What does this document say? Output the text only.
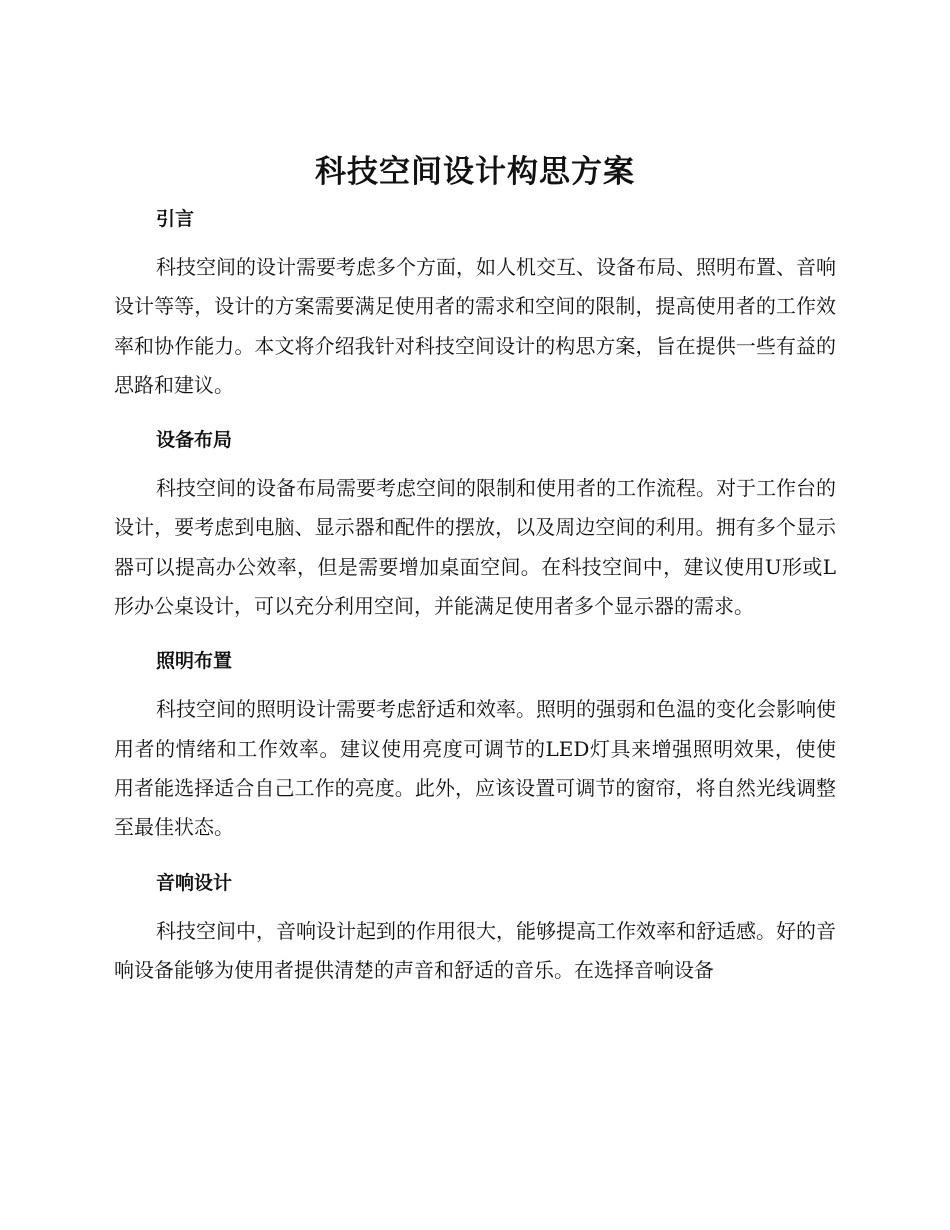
科技空间设计构思方案
引言

科技空间的设计需要考虑多个方面，如人机交互、设备布局、照明布置、音响设计等等，设计的方案需要满足使用者的需求和空间的限制，提高使用者的工作效率和协作能力。本文将介绍我针对科技空间设计的构思方案，旨在提供一些有益的思路和建议。

设备布局

科技空间的设备布局需要考虑空间的限制和使用者的工作流程。对于工作台的设计，要考虑到电脑、显示器和配件的摆放，以及周边空间的利用。拥有多个显示器可以提高办公效率，但是需要增加桌面空间。在科技空间中，建议使用U形或L形办公桌设计，可以充分利用空间，并能满足使用者多个显示器的需求。

照明布置

科技空间的照明设计需要考虑舒适和效率。照明的强弱和色温的变化会影响使用者的情绪和工作效率。建议使用亮度可调节的LED灯具来增强照明效果，使使用者能选择适合自己工作的亮度。此外，应该设置可调节的窗帘，将自然光线调整至最佳状态。

音响设计

科技空间中，音响设计起到的作用很大，能够提高工作效率和舒适感。好的音响设备能够为使用者提供清楚的声音和舒适的音乐。在选择音响设备
